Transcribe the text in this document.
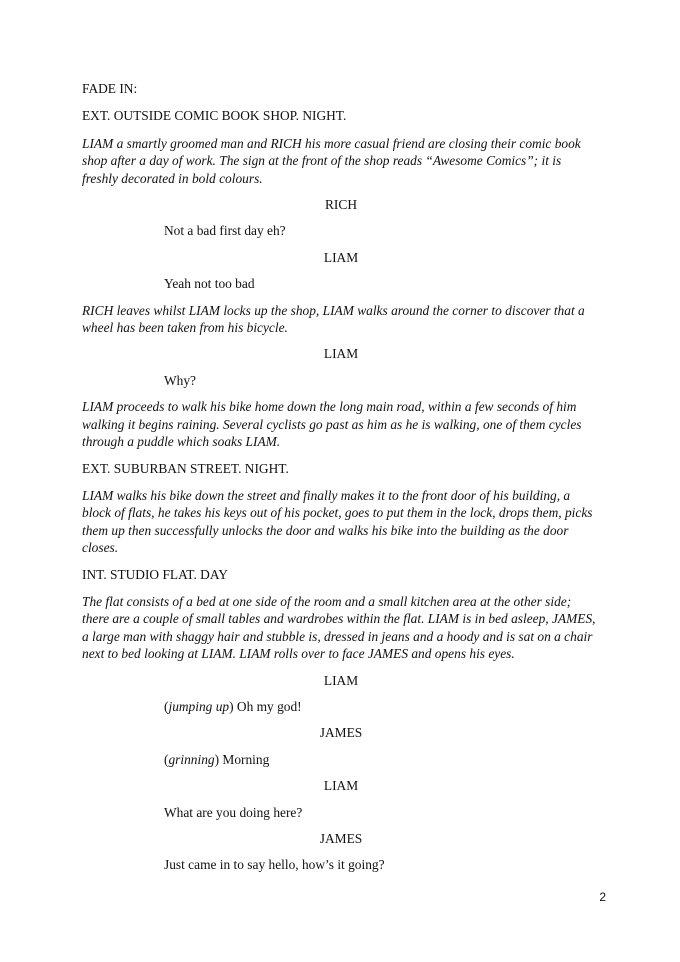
FADE IN:
EXT. OUTSIDE COMIC BOOK SHOP. NIGHT.
LIAM a smartly groomed man and RICH his more casual friend are closing their comic book shop after a day of work. The sign at the front of the shop reads “Awesome Comics”; it is freshly decorated in bold colours.
RICH
Not a bad first day eh?
LIAM
Yeah not too bad
RICH leaves whilst LIAM locks up the shop, LIAM walks around the corner to discover that a wheel has been taken from his bicycle.
LIAM
Why?
LIAM proceeds to walk his bike home down the long main road, within a few seconds of him walking it begins raining. Several cyclists go past as him as he is walking, one of them cycles through a puddle which soaks LIAM.
EXT. SUBURBAN STREET. NIGHT.
LIAM walks his bike down the street and finally makes it to the front door of his building, a block of flats, he takes his keys out of his pocket, goes to put them in the lock, drops them, picks them up then successfully unlocks the door and walks his bike into the building as the door closes.
INT. STUDIO FLAT. DAY
The flat consists of a bed at one side of the room and a small kitchen area at the other side; there are a couple of small tables and wardrobes within the flat. LIAM is in bed asleep, JAMES, a large man with shaggy hair and stubble is, dressed in jeans and a hoody and is sat on a chair next to bed looking at LIAM. LIAM rolls over to face JAMES and opens his eyes.
LIAM
(jumping up) Oh my god!
JAMES
(grinning) Morning
LIAM
What are you doing here?
JAMES
Just came in to say hello, how’s it going?
2
